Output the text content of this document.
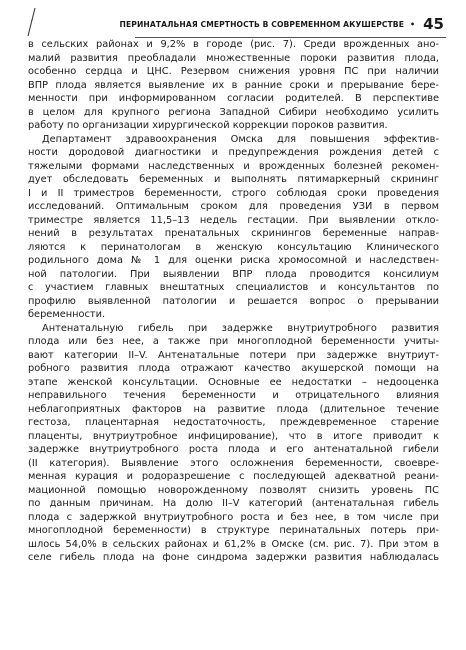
ПЕРИНАТАЛЬНАЯ СМЕРТНОСТЬ В СОВРЕМЕННОМ АКУШЕРСТВЕ • 45
в сельских районах и 9,2% в городе (рис. 7). Среди врожденных ано-
малий развития преобладали множественные пороки развития плода,
особенно сердца и ЦНС. Резервом снижения уровня ПС при наличии
ВПР плода является выявление их в ранние сроки и прерывание бере-
менности при информированном согласии родителей. В перспективе
в целом для крупного региона Западной Сибири необходимо усилить
работу по организации хирургической коррекции пороков развития.
Департамент здравоохранения Омска для повышения эффектив-
ности дородовой диагностики и предупреждения рождения детей с
тяжелыми формами наследственных и врожденных болезней рекомен-
дует обследовать беременных и выполнять пятимаркерный скрининг
I и II триместров беременности, строго соблюдая сроки проведения
исследований. Оптимальным сроком для проведения УЗИ в первом
триместре является 11,5–13 недель гестации. При выявлении откло-
нений в результатах пренатальных скринингов беременные направ-
ляются к перинатологам в женскую консультацию Клинического
родильного дома № 1 для оценки риска хромосомной и наследствен-
ной патологии. При выявлении ВПР плода проводится консилиум
с участием главных внештатных специалистов и консультантов по
профилю выявленной патологии и решается вопрос о прерывании
беременности.
Антенатальную гибель при задержке внутриутробного развития
плода или без нее, а также при многоплодной беременности учиты-
вают категории II–V. Антенатальные потери при задержке внутриут-
робного развития плода отражают качество акушерской помощи на
этапе женской консультации. Основные ее недостатки – недооценка
неправильного течения беременности и отрицательного влияния
неблагоприятных факторов на развитие плода (длительное течение
гестоза, плацентарная недостаточность, преждевременное старение
плаценты, внутриутробное инфицирование), что в итоге приводит к
задержке внутриутробного роста плода и его антенатальной гибели
(II категория). Выявление этого осложнения беременности, своевре-
менная курация и родоразрешение с последующей адекватной реани-
мационной помощью новорожденному позволят снизить уровень ПС
по данным причинам. На долю II–V категорий (антенатальная гибель
плода с задержкой внутриутробного роста и без нее, в том числе при
многоплодной беременности) в структуре перинатальных потерь при-
шлось 54,0% в сельских районах и 61,2% в Омске (см. рис. 7). При этом в
селе гибель плода на фоне синдрома задержки развития наблюдалась
